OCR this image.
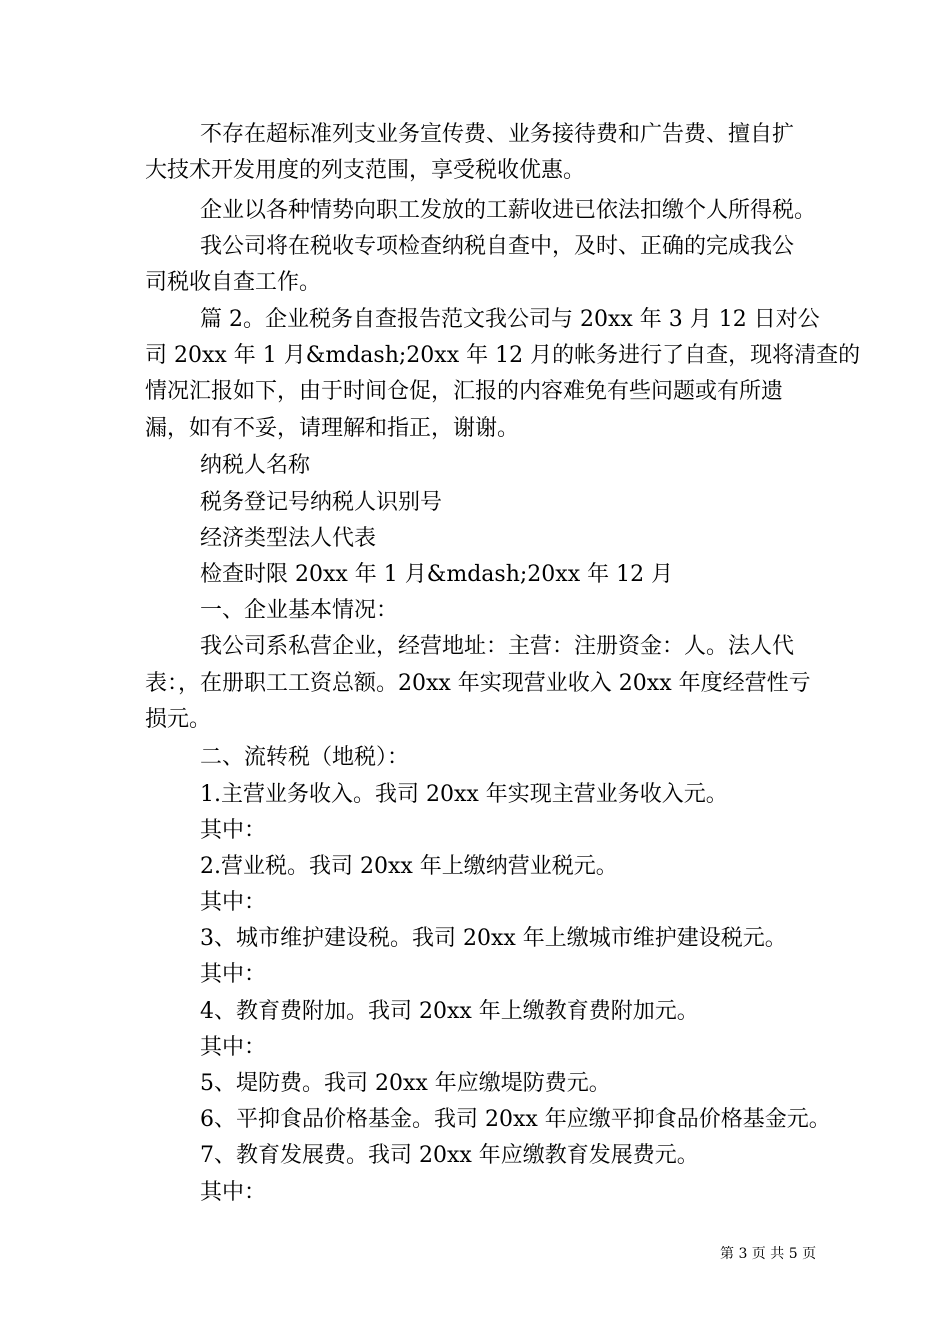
不存在超标准列支业务宣传费、业务接待费和广告费、擅自扩
大技术开发用度的列支范围，享受税收优惠。
企业以各种情势向职工发放的工薪收进已依法扣缴个人所得税。
我公司将在税收专项检查纳税自查中，及时、正确的完成我公
司税收自查工作。
篇 2。企业税务自查报告范文我公司与 20xx 年 3 月 12 日对公
司 20xx 年 1 月&mdash;20xx 年 12 月的帐务进行了自查，现将清查的
情况汇报如下，由于时间仓促，汇报的内容难免有些问题或有所遗
漏，如有不妥，请理解和指正，谢谢。
纳税人名称
税务登记号纳税人识别号
经济类型法人代表
检查时限 20xx 年 1 月&mdash;20xx 年 12 月
一、企业基本情况：
我公司系私营企业，经营地址：主营：注册资金：人。法人代
表：，在册职工工资总额。20xx 年实现营业收入 20xx 年度经营性亏
损元。
二、流转税（地税）：
1.主营业务收入。我司 20xx 年实现主营业务收入元。
其中：
2.营业税。我司 20xx 年上缴纳营业税元。
其中：
3、城市维护建设税。我司 20xx 年上缴城市维护建设税元。
其中：
4、教育费附加。我司 20xx 年上缴教育费附加元。
其中：
5、堤防费。我司 20xx 年应缴堤防费元。
6、平抑食品价格基金。我司 20xx 年应缴平抑食品价格基金元。
7、教育发展费。我司 20xx 年应缴教育发展费元。
其中：
第 3 页 共 5 页
